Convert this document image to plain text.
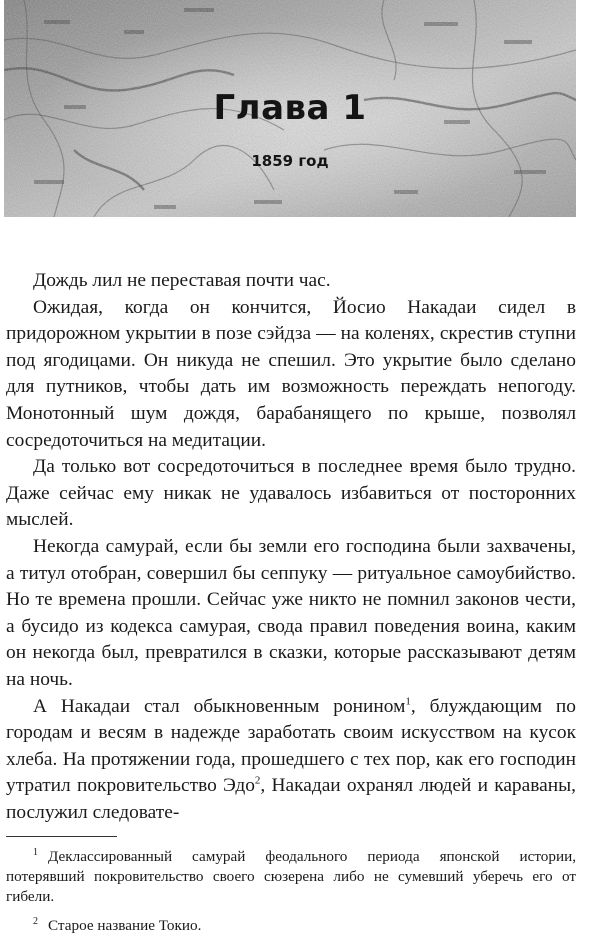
Глава 1
1859 год

Дождь лил не переставая почти час.

Ожидая, когда он кончится, Йосио Накадаи сидел в придорожном укрытии в позе сэйдза — на коленях, скрестив ступни под ягодицами. Он никуда не спешил. Это укрытие было сделано для путников, чтобы дать им возможность переждать непогоду. Монотонный шум дождя, барабанящего по крыше, позволял сосредоточиться на медитации.

Да только вот сосредоточиться в последнее время было трудно. Даже сейчас ему никак не удавалось избавиться от посторонних мыслей.

Некогда самурай, если бы земли его господина были захвачены, а титул отобран, совершил бы сеппуку — ритуальное самоубийство. Но те времена прошли. Сейчас уже никто не помнил законов чести, а бусидо из кодекса самурая, свода правил поведения воина, каким он некогда был, превратился в сказки, которые рассказывают детям на ночь.

А Накадаи стал обыкновенным ронином$^1$, блуждающим по городам и весям в надежде заработать своим искусством на кусок хлеба. На протяжении года, прошедшего с тех пор, как его господин утратил покровительство Эдо$^2$, Накадаи охранял людей и караваны, послужил следовате-

$^1$ Деклассированный самурай феодального периода японской истории, потерявший покровительство своего сюзерена либо не сумевший уберечь его от гибели.

$^2$ Старое название Токио.
